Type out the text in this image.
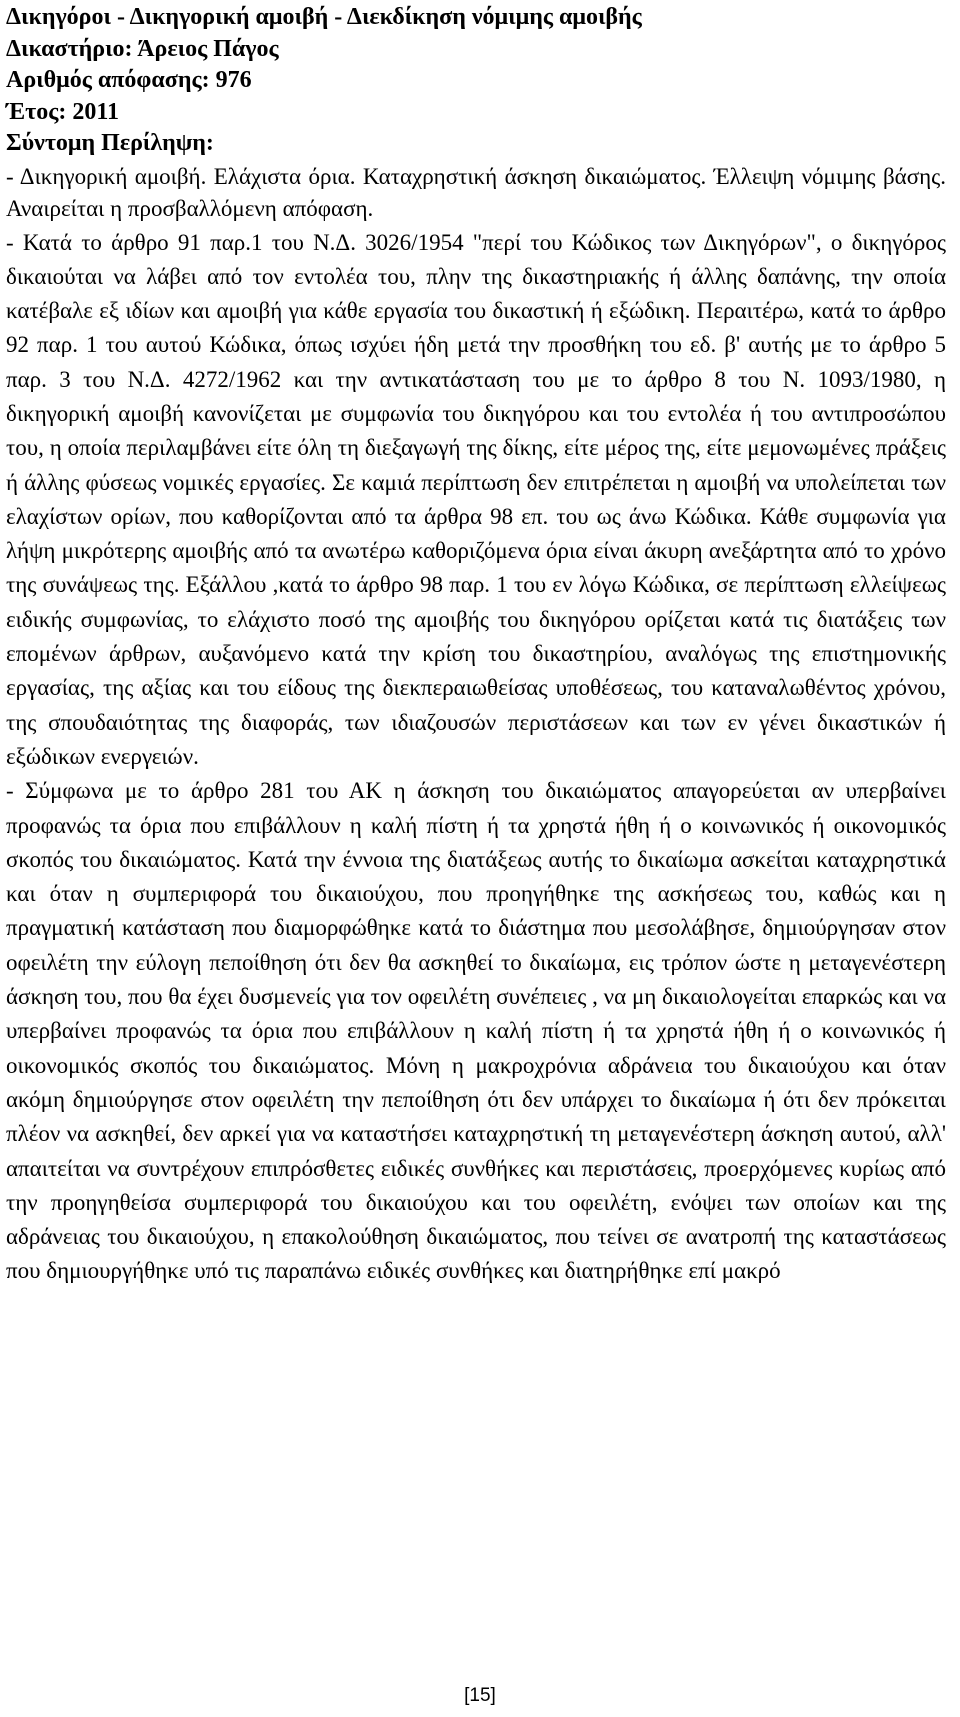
Δικηγόροι - Δικηγορική αμοιβή - Διεκδίκηση νόμιμης αμοιβής

Δικαστήριο: Άρειος Πάγος

Αριθμός απόφασης: 976

Έτος: 2011

Σύντομη Περίληψη:

- Δικηγορική αμοιβή. Ελάχιστα όρια. Καταχρηστική άσκηση δικαιώματος. Έλλειψη νόμιμης βάσης. Αναιρείται η προσβαλλόμενη απόφαση.

- Κατά το άρθρο 91 παρ.1 του Ν.Δ. 3026/1954 "περί του Κώδικος των Δικηγόρων", ο δικηγόρος δικαιούται να λάβει από τον εντολέα του, πλην της δικαστηριακής ή άλλης δαπάνης, την οποία κατέβαλε εξ ιδίων και αμοιβή για κάθε εργασία του δικαστική ή εξώδικη. Περαιτέρω, κατά το άρθρο 92 παρ. 1 του αυτού Κώδικα, όπως ισχύει ήδη μετά την προσθήκη του εδ. β' αυτής με το άρθρο 5 παρ. 3 του Ν.Δ. 4272/1962 και την αντικατάσταση του με το άρθρο 8 του Ν. 1093/1980, η δικηγορική αμοιβή κανονίζεται με συμφωνία του δικηγόρου και του εντολέα ή του αντιπροσώπου του, η οποία περιλαμβάνει είτε όλη τη διεξαγωγή της δίκης, είτε μέρος της, είτε μεμονωμένες πράξεις ή άλλης φύσεως νομικές εργασίες. Σε καμιά περίπτωση δεν επιτρέπεται η αμοιβή να υπολείπεται των ελαχίστων ορίων, που καθορίζονται από τα άρθρα 98 επ. του ως άνω Κώδικα. Κάθε συμφωνία για λήψη μικρότερης αμοιβής από τα ανωτέρω καθοριζόμενα όρια είναι άκυρη ανεξάρτητα από το χρόνο της συνάψεως της. Εξάλλου ,κατά το άρθρο 98 παρ. 1 του εν λόγω Κώδικα, σε περίπτωση ελλείψεως ειδικής συμφωνίας, το ελάχιστο ποσό της αμοιβής του δικηγόρου ορίζεται κατά τις διατάξεις των επομένων άρθρων, αυξανόμενο κατά την κρίση του δικαστηρίου, αναλόγως της επιστημονικής εργασίας, της αξίας και του είδους της διεκπεραιωθείσας υποθέσεως, του καταναλωθέντος χρόνου, της σπουδαιότητας της διαφοράς, των ιδιαζουσών περιστάσεων και των εν γένει δικαστικών ή εξώδικων ενεργειών.

- Σύμφωνα με το άρθρο 281 του ΑΚ η άσκηση του δικαιώματος απαγορεύεται αν υπερβαίνει προφανώς τα όρια που επιβάλλουν η καλή πίστη ή τα χρηστά ήθη ή ο κοινωνικός ή οικονομικός σκοπός του δικαιώματος. Κατά την έννοια της διατάξεως αυτής το δικαίωμα ασκείται καταχρηστικά και όταν η συμπεριφορά του δικαιούχου, που προηγήθηκε της ασκήσεως του, καθώς και η πραγματική κατάσταση που διαμορφώθηκε κατά το διάστημα που μεσολάβησε, δημιούργησαν στον οφειλέτη την εύλογη πεποίθηση ότι δεν θα ασκηθεί το δικαίωμα, εις τρόπον ώστε η μεταγενέστερη άσκηση του, που θα έχει δυσμενείς για τον οφειλέτη συνέπειες , να μη δικαιολογείται επαρκώς και να υπερβαίνει προφανώς τα όρια που επιβάλλουν η καλή πίστη ή τα χρηστά ήθη ή ο κοινωνικός ή οικονομικός σκοπός του δικαιώματος. Μόνη η μακροχρόνια αδράνεια του δικαιούχου και όταν ακόμη δημιούργησε στον οφειλέτη την πεποίθηση ότι δεν υπάρχει το δικαίωμα ή ότι δεν πρόκειται πλέον να ασκηθεί, δεν αρκεί για να καταστήσει καταχρηστική τη μεταγενέστερη άσκηση αυτού, αλλ' απαιτείται να συντρέχουν επιπρόσθετες ειδικές συνθήκες και περιστάσεις, προερχόμενες κυρίως από την προηγηθείσα συμπεριφορά του δικαιούχου και του οφειλέτη, ενόψει των οποίων και της αδράνειας του δικαιούχου, η επακολούθηση δικαιώματος, που τείνει σε ανατροπή της καταστάσεως που δημιουργήθηκε υπό τις παραπάνω ειδικές συνθήκες και διατηρήθηκε επί μακρό

[15]
